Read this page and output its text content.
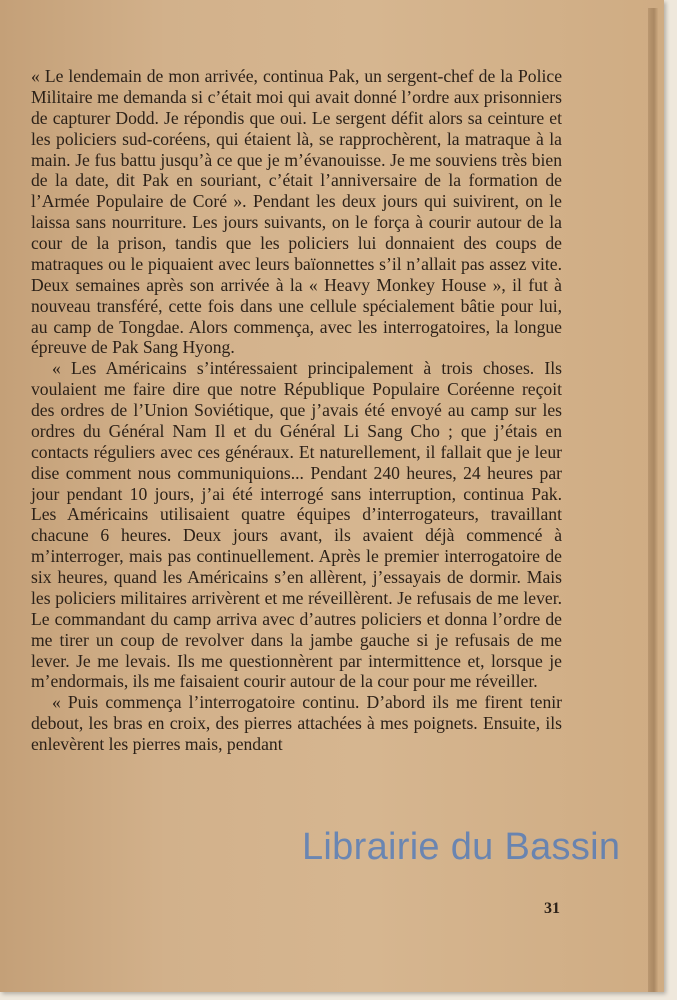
« Le lendemain de mon arrivée, continua Pak, un sergent-chef de la Police Militaire me demanda si c’était moi qui avait donné l’ordre aux prisonniers de capturer Dodd. Je répondis que oui. Le sergent défit alors sa ceinture et les policiers sud-coréens, qui étaient là, se rapprochèrent, la matraque à la main. Je fus battu jusqu’à ce que je m’évanouisse. Je me souviens très bien de la date, dit Pak en souriant, c’était l’anniversaire de la formation de l’Armée Populaire de Coré ». Pendant les deux jours qui suivirent, on le laissa sans nourriture. Les jours suivants, on le força à courir autour de la cour de la prison, tandis que les policiers lui donnaient des coups de matraques ou le piquaient avec leurs baïonnettes s’il n’allait pas assez vite. Deux semaines après son arrivée à la « Heavy Monkey House », il fut à nouveau transféré, cette fois dans une cellule spécialement bâtie pour lui, au camp de Tongdae. Alors commença, avec les interrogatoires, la longue épreuve de Pak Sang Hyong.

« Les Américains s’intéressaient principalement à trois choses. Ils voulaient me faire dire que notre République Populaire Coréenne reçoit des ordres de l’Union Soviétique, que j’avais été envoyé au camp sur les ordres du Général Nam Il et du Général Li Sang Cho ; que j’étais en contacts réguliers avec ces généraux. Et naturellement, il fallait que je leur dise comment nous communiquions... Pendant 240 heures, 24 heures par jour pendant 10 jours, j’ai été interrogé sans interruption, continua Pak. Les Américains utilisaient quatre équipes d’interrogateurs, travaillant chacune 6 heures. Deux jours avant, ils avaient déjà commencé à m’interroger, mais pas continuellement. Après le premier interrogatoire de six heures, quand les Américains s’en allèrent, j’essayais de dormir. Mais les policiers militaires arrivèrent et me réveillèrent. Je refusais de me lever. Le commandant du camp arriva avec d’autres policiers et donna l’ordre de me tirer un coup de revolver dans la jambe gauche si je refusais de me lever. Je me levais. Ils me questionnèrent par intermittence et, lorsque je m’endormais, ils me faisaient courir autour de la cour pour me réveiller.

« Puis commença l’interrogatoire continu. D’abord ils me firent tenir debout, les bras en croix, des pierres attachées à mes poignets. Ensuite, ils enlevèrent les pierres mais, pendant

31
Librairie du Bassin
